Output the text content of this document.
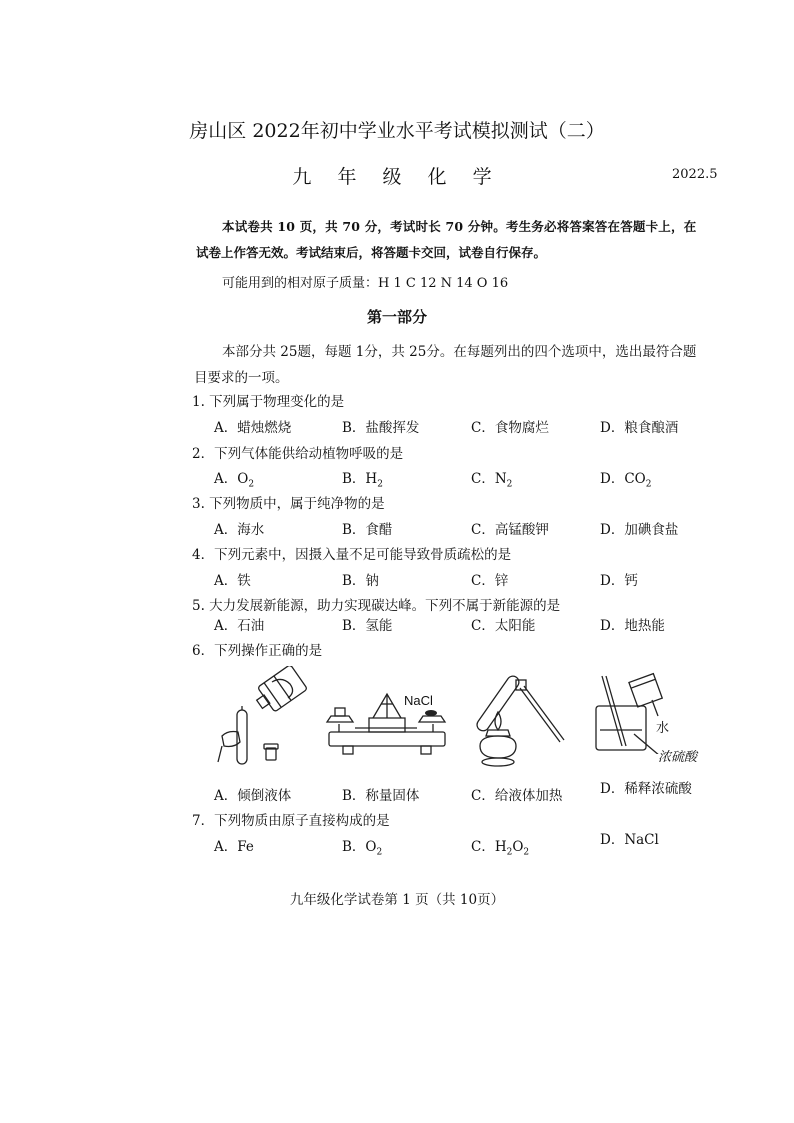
房山区 2022年初中学业水平考试模拟测试（二）
九 年 级 化 学	2022.5
本试卷共 10 页，共 70 分，考试时长 70 分钟。考生务必将答案答在答题卡上，在
试卷上作答无效。考试结束后，将答题卡交回，试卷自行保存。
可能用到的相对原子质量：H 1 C 12 N 14 O 16
第一部分
本部分共 25题，每题 1分，共 25分。在每题列出的四个选项中，选出最符合题
目要求的一项。
1. 下列属于物理变化的是
A．蜡烛燃烧	B．盐酸挥发	C．食物腐烂	D．粮食酿酒
2．下列气体能供给动植物呼吸的是
A．$O_2$	B．$H_2$	C．$N_2$	D．$CO_2$
3. 下列物质中，属于纯净物的是
A．海水	B．食醋	C．高锰酸钾	D．加碘食盐
4．下列元素中，因摄入量不足可能导致骨质疏松的是
A．铁	B．钠	C．锌	D．钙
5. 大力发展新能源，助力实现碳达峰。下列不属于新能源的是
A．石油	B．氢能	C．太阳能	D．地热能
6．下列操作正确的是
NaCl
水
浓硫酸
A．倾倒液体	B．称量固体	C．给液体加热	D．稀释浓硫酸
7．下列物质由原子直接构成的是
A．Fe	B．$O_2$	C．$H_2O_2$
D．NaCl
九年级化学试卷第 1 页（共 10页）
